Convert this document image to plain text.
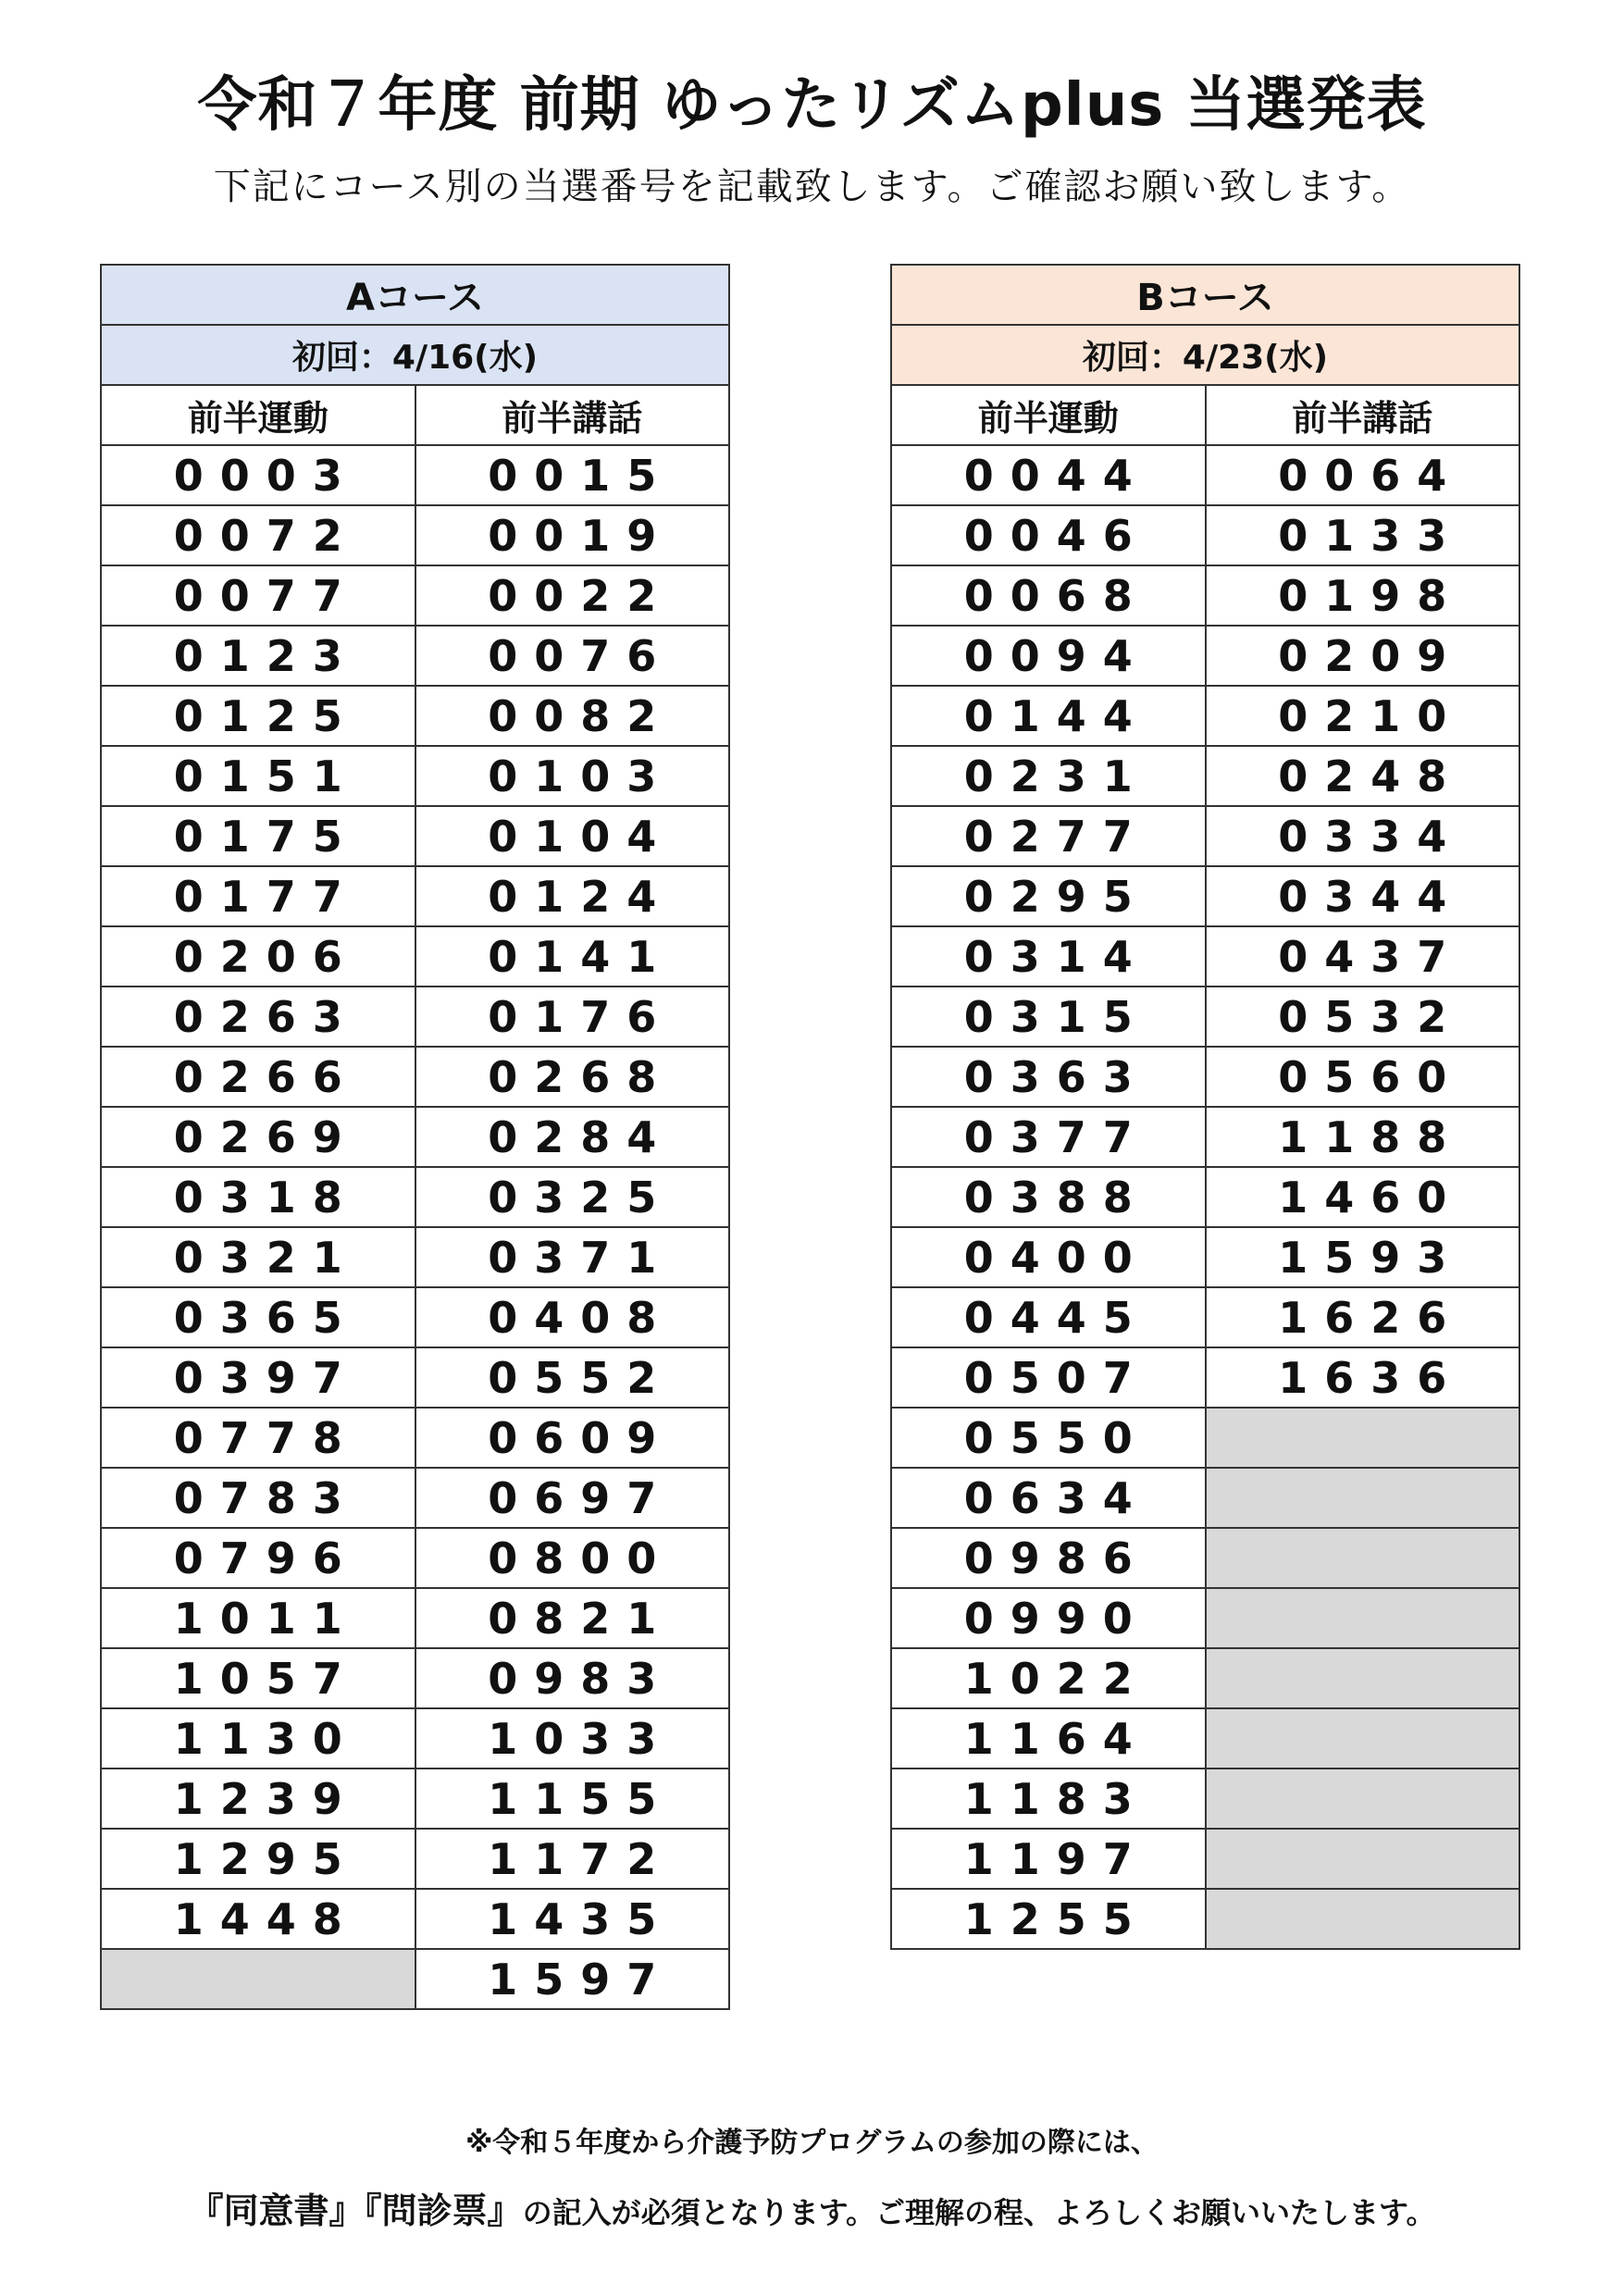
令和７年度 前期 ゆったリズムplus 当選発表
下記にコース別の当選番号を記載致します。ご確認お願い致します。
Aコース	
初回：4/16(水)	
前半運動	前半講話
0003	0015
0072	0019
0077	0022
0123	0076
0125	0082
0151	0103
0175	0104
0177	0124
0206	0141
0263	0176
0266	0268
0269	0284
0318	0325
0321	0371
0365	0408
0397	0552
0778	0609
0783	0697
0796	0800
1011	0821
1057	0983
1130	1033
1239	1155
1295	1172
1448	1435
	1597
Bコース	
初回：4/23(水)	
前半運動	前半講話
0044	0064
0046	0133
0068	0198
0094	0209
0144	0210
0231	0248
0277	0334
0295	0344
0314	0437
0315	0532
0363	0560
0377	1188
0388	1460
0400	1593
0445	1626
0507	1636
0550	
0634	
0986	
0990	
1022	
1164	
1183	
1197	
1255	
※令和５年度から介護予防プログラムの参加の際には、
『同意書』『問診票』の記入が必須となります。ご理解の程、よろしくお願いいたします。
